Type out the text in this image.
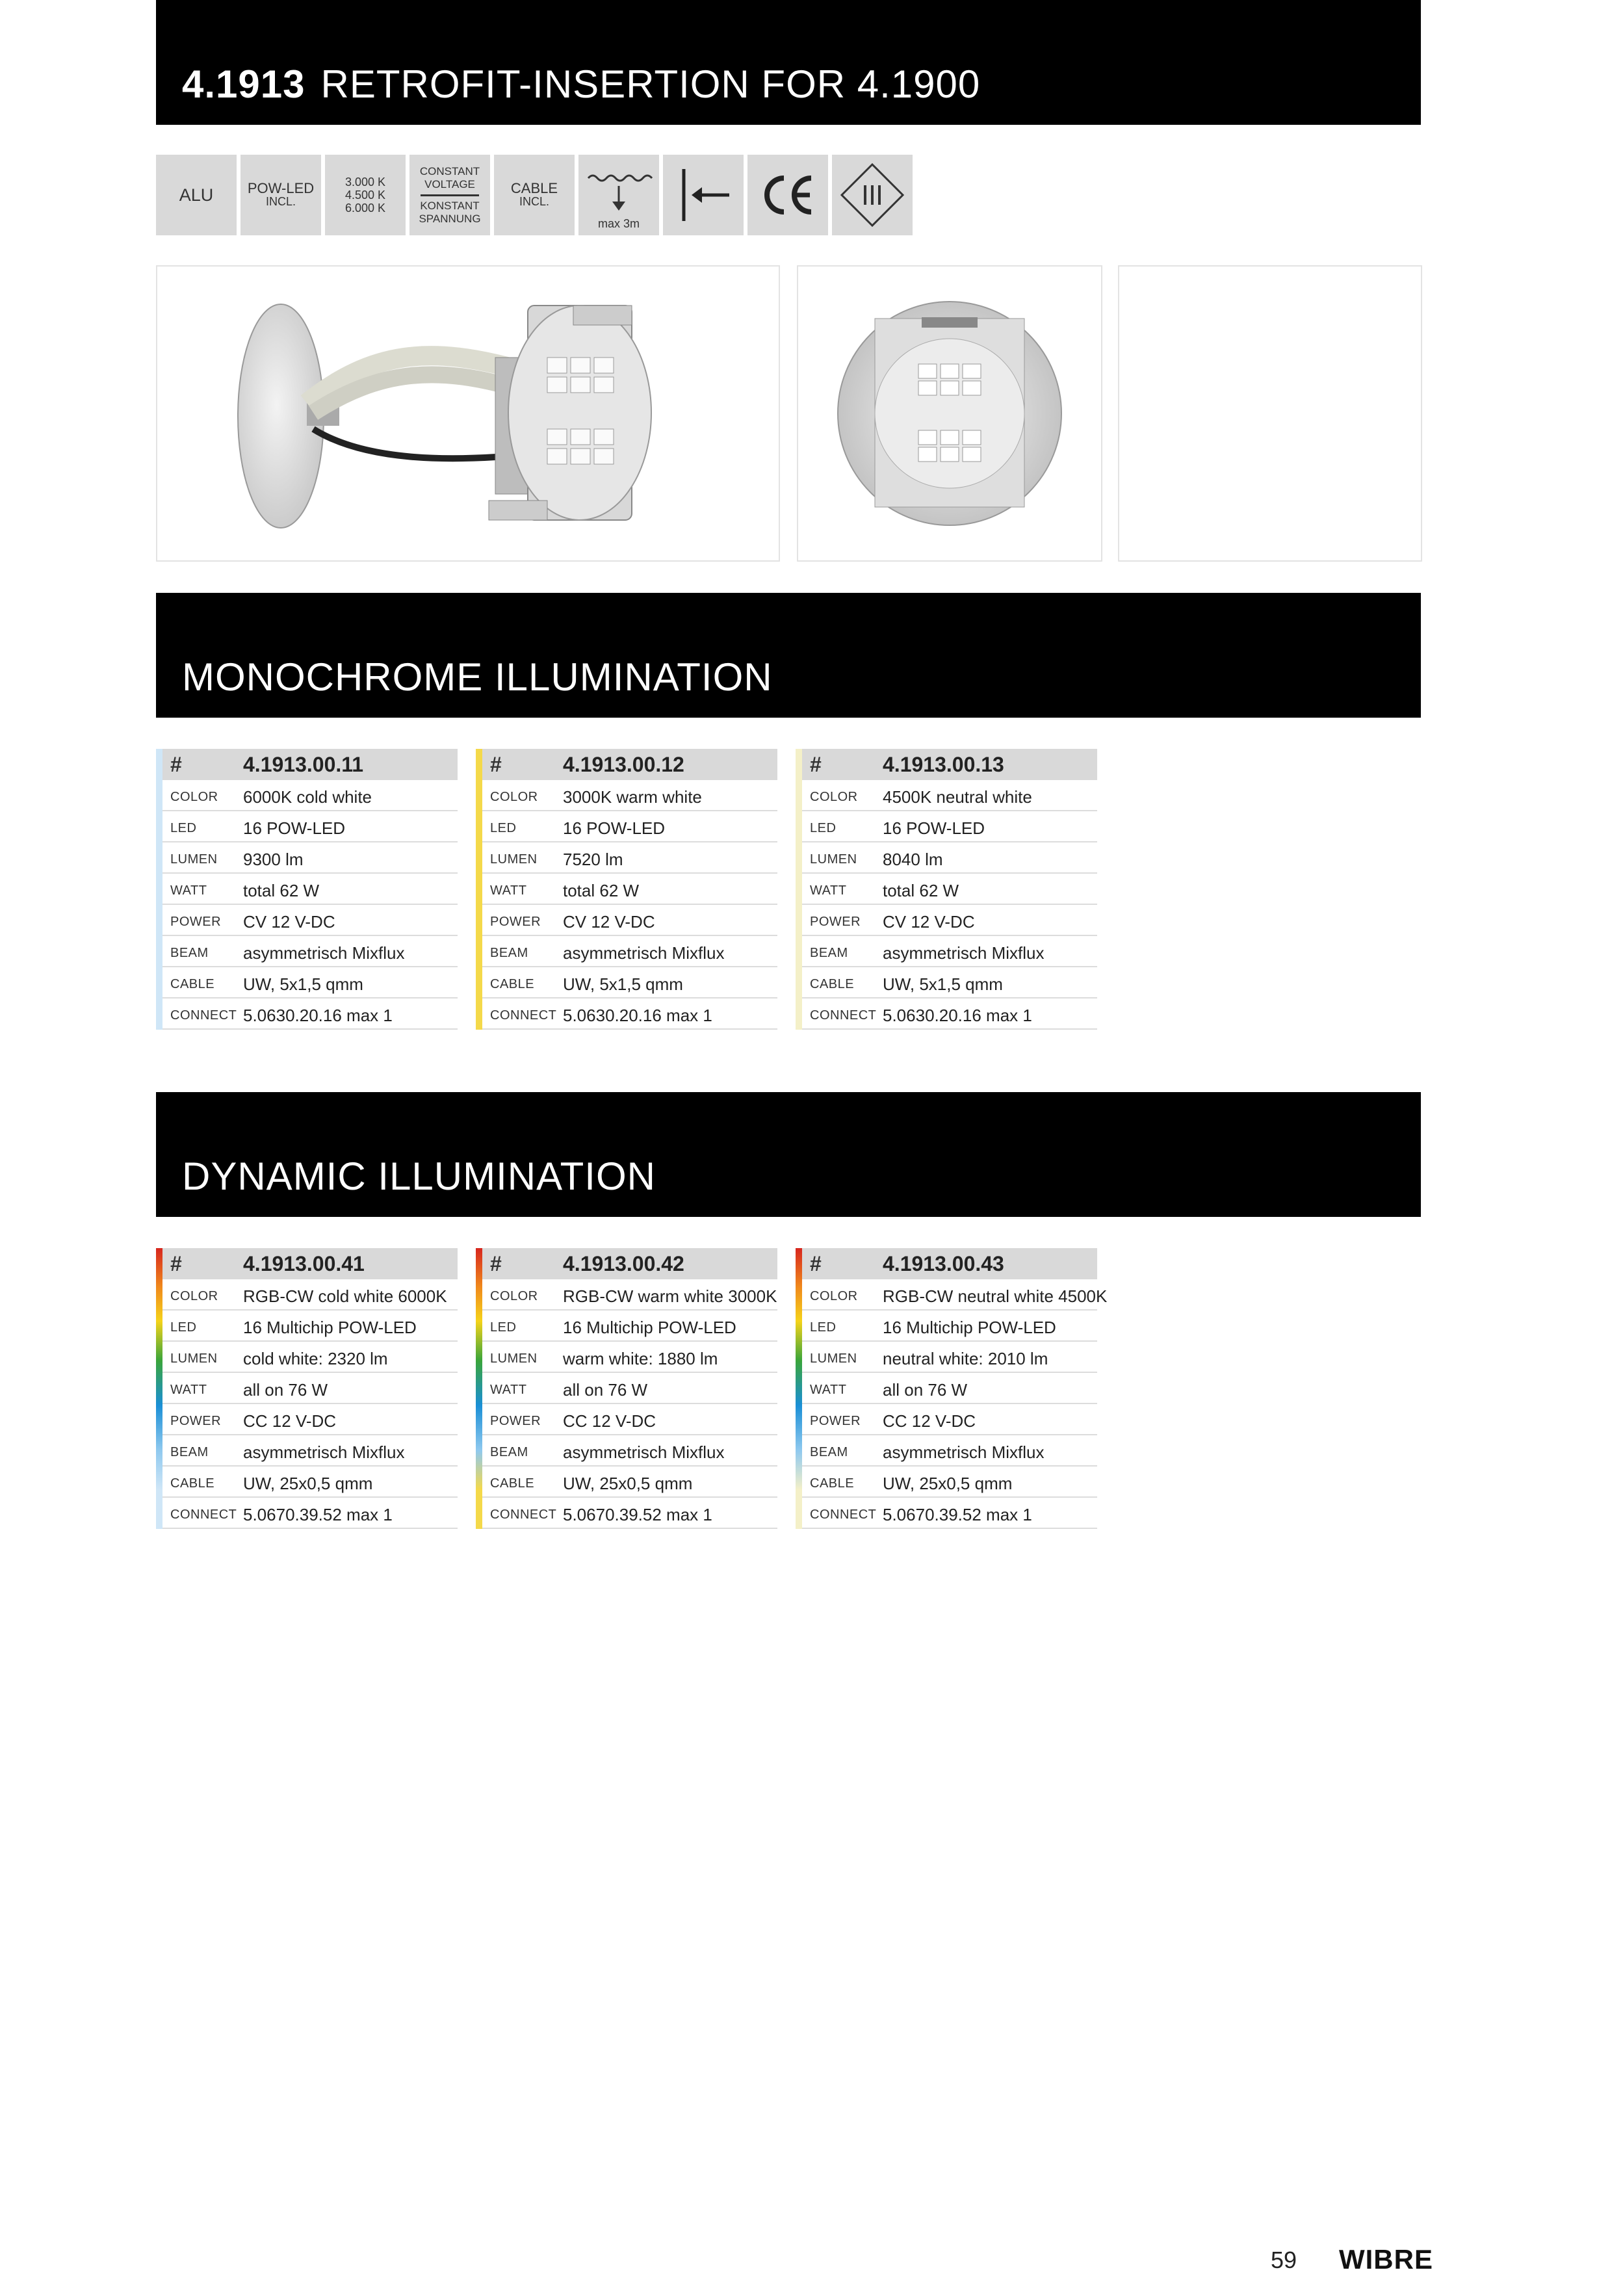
4.1913 RETROFIT-INSERTION FOR 4.1900
ALU POW-LED
INCL.
3.000 K
4.500 K
6.000 K
CONSTANT
VOLTAGE
KONSTANT
SPANNUNG
CABLE
INCL.
max 3m
MONOCHROME ILLUMINATION
#	4.1913.00.11
COLOR 6000K cold white
LED	16 POW-LED
LUMEN 9300 lm
WATT total 62 W
POWER CV 12 V-DC
BEAM asymmetrisch Mixflux
CABLE UW, 5x1,5 qmm
CONNECT 5.0630.20.16 max 1
#	4.1913.00.12
COLOR 3000K warm white
LED	16 POW-LED
LUMEN 7520 lm
WATT total 62 W
POWER CV 12 V-DC
BEAM asymmetrisch Mixflux
CABLE UW, 5x1,5 qmm
CONNECT 5.0630.20.16 max 1
#	4.1913.00.13
COLOR 4500K neutral white
LED	16 POW-LED
LUMEN 8040 lm
WATT total 62 W
POWER CV 12 V-DC
BEAM asymmetrisch Mixflux
CABLE UW, 5x1,5 qmm
CONNECT 5.0630.20.16 max 1
DYNAMIC ILLUMINATION
#	4.1913.00.41
COLOR RGB-CW cold white 6000K
LED	16 Multichip POW-LED
LUMEN cold white: 2320 lm
WATT all on 76 W
POWER CC 12 V-DC
BEAM asymmetrisch Mixflux
CABLE UW, 25x0,5 qmm
CONNECT 5.0670.39.52 max 1
#	4.1913.00.42
COLOR RGB-CW warm white 3000K
LED	16 Multichip POW-LED
LUMEN warm white: 1880 lm
WATT all on 76 W
POWER CC 12 V-DC
BEAM asymmetrisch Mixflux
CABLE UW, 25x0,5 qmm
CONNECT 5.0670.39.52 max 1
#	4.1913.00.43
COLOR RGB-CW neutral white 4500K
LED	16 Multichip POW-LED
LUMEN neutral white: 2010 lm
WATT all on 76 W
POWER CC 12 V-DC
BEAM asymmetrisch Mixflux
CABLE UW, 25x0,5 qmm
CONNECT 5.0670.39.52 max 1
59 WIBRE
